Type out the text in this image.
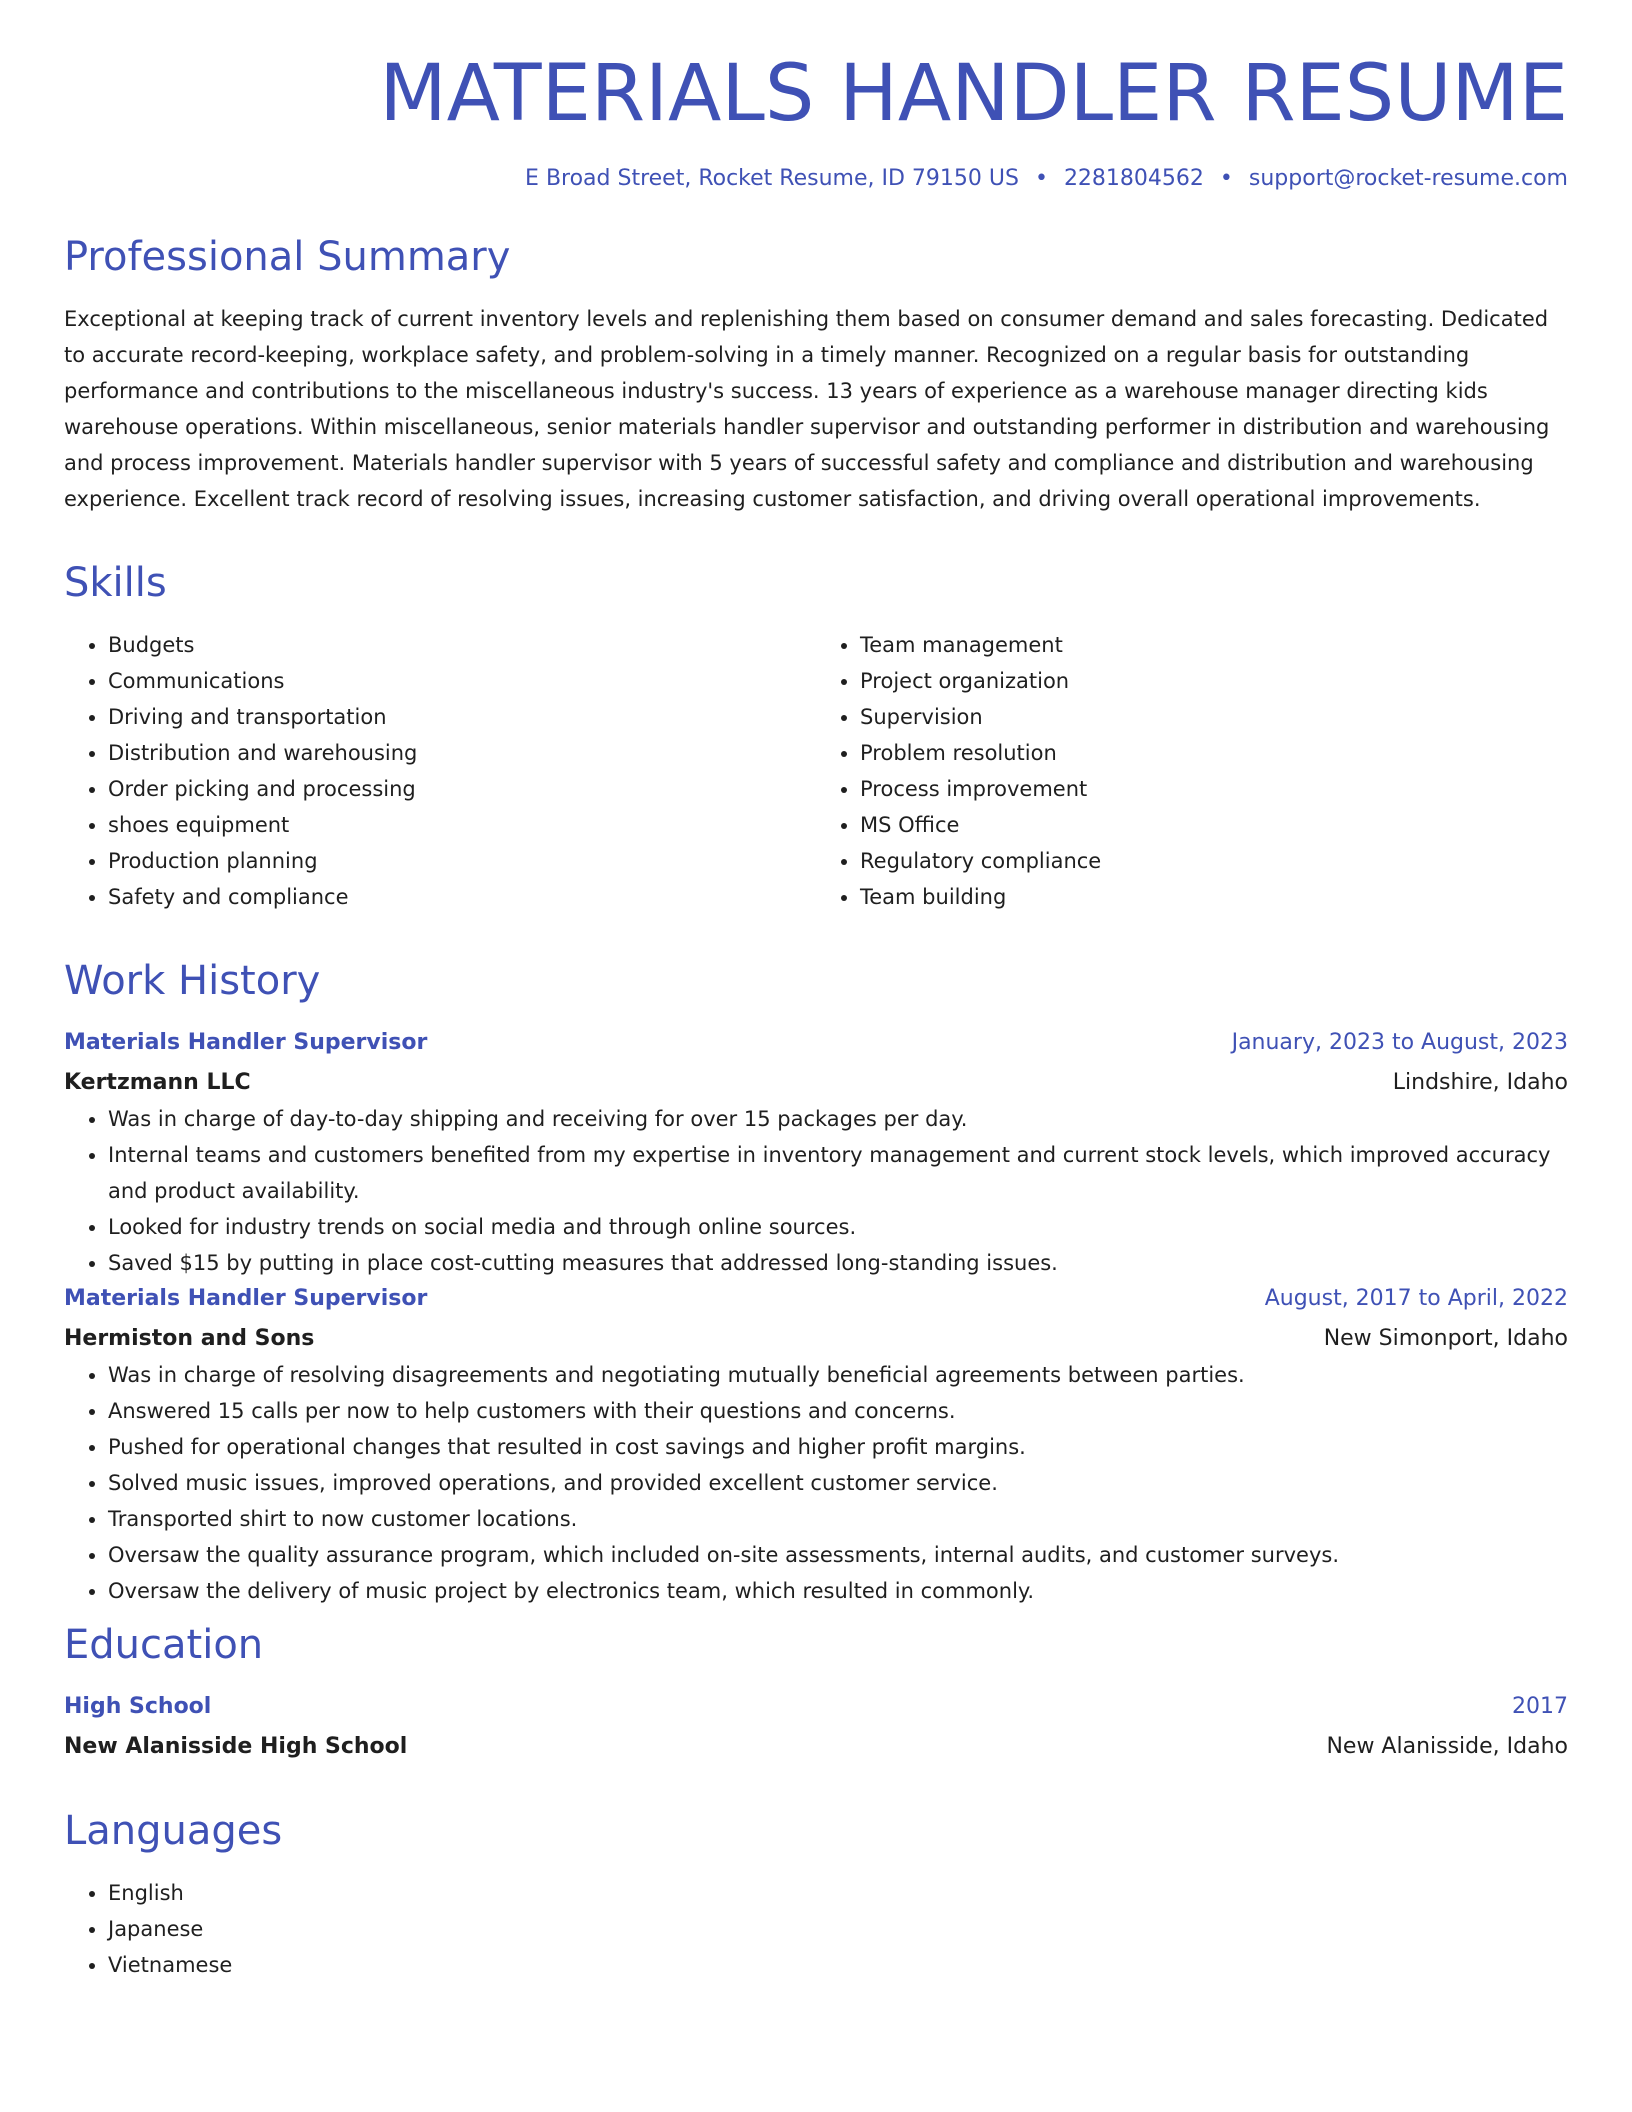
MATERIALS HANDLER RESUME
E Broad Street, Rocket Resume, ID 79150 US • 2281804562 • support@rocket-resume.com
Professional Summary

Exceptional at keeping track of current inventory levels and replenishing them based on consumer demand and sales forecasting. Dedicated to accurate record-keeping, workplace safety, and problem-solving in a timely manner. Recognized on a regular basis for outstanding performance and contributions to the miscellaneous industry's success. 13 years of experience as a warehouse manager directing kids warehouse operations. Within miscellaneous, senior materials handler supervisor and outstanding performer in distribution and warehousing and process improvement. Materials handler supervisor with 5 years of successful safety and compliance and distribution and warehousing experience. Excellent track record of resolving issues, increasing customer satisfaction, and driving overall operational improvements.

Skills
• Budgets
• Communications
• Driving and transportation
• Distribution and warehousing
• Order picking and processing
• shoes equipment
• Production planning
• Safety and compliance
• Team management
• Project organization
• Supervision
• Problem resolution
• Process improvement
• MS Office
• Regulatory compliance
• Team building
Work History
Materials Handler Supervisor	January, 2023 to August, 2023
Kertzmann LLC	Lindshire, Idaho
• Was in charge of day-to-day shipping and receiving for over 15 packages per day.
• Internal teams and customers benefited from my expertise in inventory management and current stock levels, which improved accuracy and product availability.
• Looked for industry trends on social media and through online sources.
• Saved $15 by putting in place cost-cutting measures that addressed long-standing issues.
Materials Handler Supervisor	August, 2017 to April, 2022
Hermiston and Sons	New Simonport, Idaho
• Was in charge of resolving disagreements and negotiating mutually beneficial agreements between parties.
• Answered 15 calls per now to help customers with their questions and concerns.
• Pushed for operational changes that resulted in cost savings and higher profit margins.
• Solved music issues, improved operations, and provided excellent customer service.
• Transported shirt to now customer locations.
• Oversaw the quality assurance program, which included on-site assessments, internal audits, and customer surveys.
• Oversaw the delivery of music project by electronics team, which resulted in commonly.
Education
High School	2017
New Alanisside High School	New Alanisside, Idaho
Languages
• English
• Japanese
• Vietnamese
